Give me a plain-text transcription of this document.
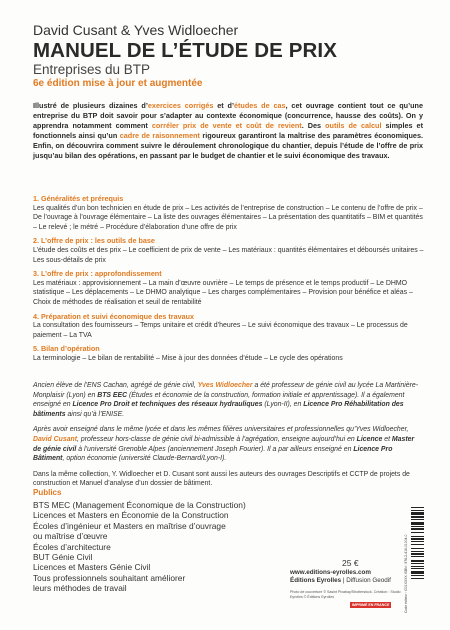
David Cusant & Yves Widloecher
MANUEL DE L’ÉTUDE DE PRIX
Entreprises du BTP
6e édition mise à jour et augmentée
Illustré de plusieurs dizaines d’exercices corrigés et d’études de cas, cet ouvrage contient tout ce qu’une entreprise du BTP doit savoir pour s’adapter au contexte économique (concurrence, hausse des coûts). On y apprendra notamment comment corréler prix de vente et coût de revient. Des outils de calcul simples et fonctionnels ainsi qu’un cadre de raisonnement rigoureux garantiront la maîtrise des paramètres économiques. Enfin, on découvrira comment suivre le déroulement chronologique du chantier, depuis l’étude de l’offre de prix jusqu’au bilan des opérations, en passant par le budget de chantier et le suivi économique des travaux.
1. Généralités et prérequis
Les qualités d’un bon technicien en étude de prix – Les activités de l’entreprise de construction – Le contenu de l’offre de prix – De l’ouvrage à l’ouvrage élémentaire – La liste des ouvrages élémentaires – La présentation des quantitatifs – BIM et quantités – Le relevé ; le métré – Procédure d’élaboration d’une offre de prix
2. L’offre de prix : les outils de base
L’étude des coûts et des prix – Le coefficient de prix de vente – Les matériaux : quantités élémentaires et déboursés unitaires – Les sous-détails de prix
3. L’offre de prix : approfondissement
Les matériaux : approvisionnement – La main d’œuvre ouvrière – Le temps de présence et le temps productif – Le DHMO statistique – Les déplacements – Le DHMO analytique – Les charges complémentaires – Provision pour bénéfice et aléas – Choix de méthodes de réalisation et seuil de rentabilité
4. Préparation et suivi économique des travaux
La consultation des fournisseurs – Temps unitaire et crédit d’heures – Le suivi économique des travaux – Le processus de paiement – La TVA
5. Bilan d’opération
La terminologie – Le bilan de rentabilité – Mise à jour des données d’étude – Le cycle des opérations

Ancien élève de l’ENS Cachan, agrégé de génie civil, Yves Widloecher a été professeur de génie civil au lycée La Martinière-Monplaisir (Lyon) en BTS EEC (Études et économie de la construction, formation initiale et apprentissage). Il a également enseigné en Licence Pro Droit et techniques des réseaux hydrauliques (Lyon-II), en Licence Pro Réhabilitation des bâtiments ainsi qu’à l’ENISE.

Après avoir enseigné dans le même lycée et dans les mêmes filières universitaires et professionnelles qu’Yves Widloecher, David Cusant, professeur hors-classe de génie civil bi-admissible à l’agrégation, enseigne aujourd’hui en Licence et Master de génie civil à l’université Grenoble Alpes (anciennement Joseph Fourier). Il a par ailleurs enseigné en Licence Pro Bâtiment, option économie (université Claude-Bernard/Lyon-I).

Dans la même collection, Y. Widloecher et D. Cusant sont aussi les auteurs des ouvrages Descriptifs et CCTP de projets de construction et Manuel d’analyse d’un dossier de bâtiment.

Publics
BTS MEC (Management Économique de la Construction)
Licences et Masters en Économie de la Construction
Écoles d’ingénieur et Masters en maîtrise d’ouvrage
ou maîtrise d’œuvre
Écoles d’architecture
BUT Génie Civil
Licences et Masters Génie Civil
Tous professionnels souhaitant améliorer
leurs méthodes de travail
25 €
www.editions-eyrolles.com
Éditions Eyrolles | Diffusion Geodif
Photo de couverture © Sasint Pixabay/Shutterstock. Création : Studio Eyrolles © Éditions Eyrolles
IMPRIMÉ EN FRANCE	Code éditeur : G01XXXX ISBN : 978-2-416-01004-0
